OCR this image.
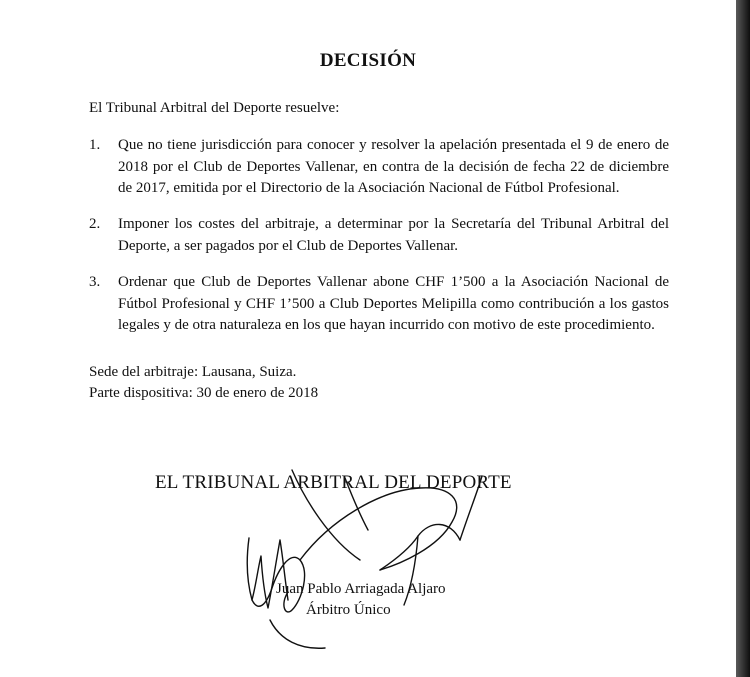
DECISIÓN
El Tribunal Arbitral del Deporte resuelve:
1. Que no tiene jurisdicción para conocer y resolver la apelación presentada el 9 de enero de 2018 por el Club de Deportes Vallenar, en contra de la decisión de fecha 22 de diciembre de 2017, emitida por el Directorio de la Asociación Nacional de Fútbol Profesional.
2. Imponer los costes del arbitraje, a determinar por la Secretaría del Tribunal Arbitral del Deporte, a ser pagados por el Club de Deportes Vallenar.
3. Ordenar que Club de Deportes Vallenar abone CHF 1’500 a la Asociación Nacional de Fútbol Profesional y CHF 1’500 a Club Deportes Melipilla como contribución a los gastos legales y de otra naturaleza en los que hayan incurrido con motivo de este procedimiento.
Sede del arbitraje: Lausana, Suiza.
Parte dispositiva: 30 de enero de 2018
EL TRIBUNAL ARBITRAL DEL DEPORTE
Juan Pablo Arriagada Aljaro
Árbitro Único
